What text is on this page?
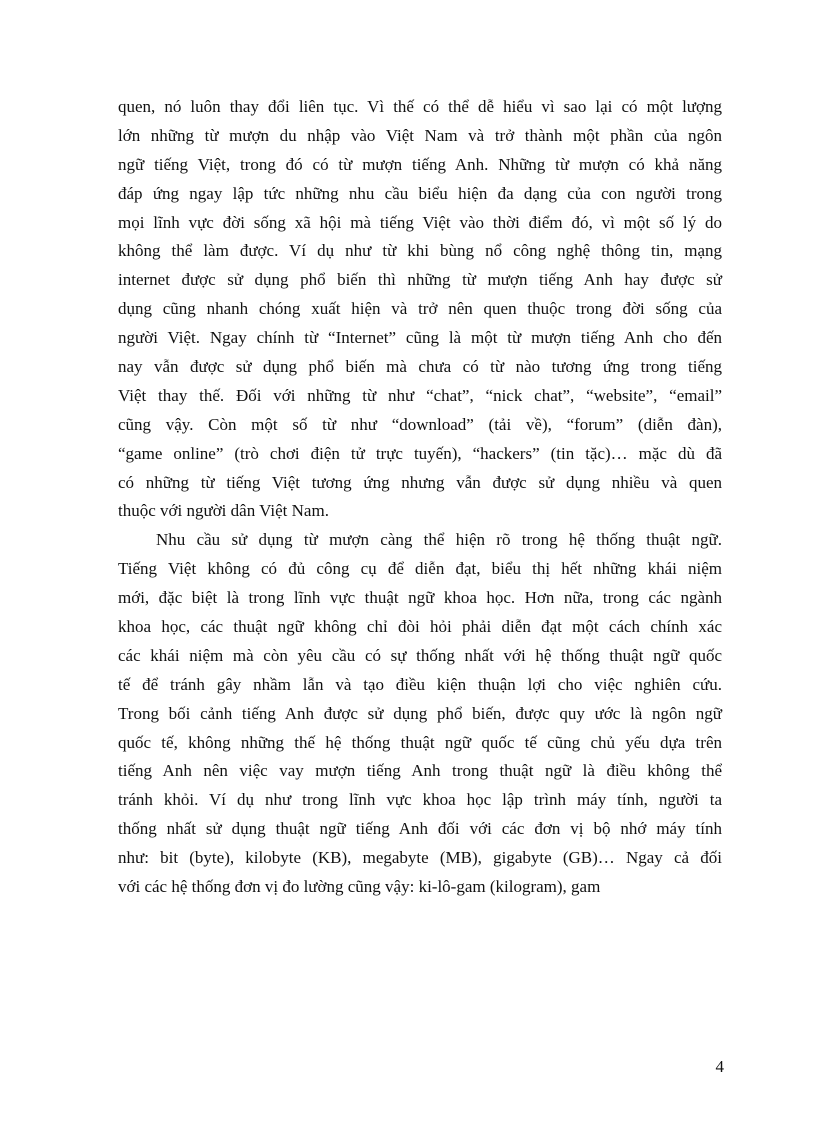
quen, nó luôn thay đổi liên tục. Vì thế có thể dễ hiểu vì sao lại có một lượng
lớn những từ mượn du nhập vào Việt Nam và trở thành một phần của ngôn
ngữ tiếng Việt, trong đó có từ mượn tiếng Anh. Những từ mượn có khả năng
đáp ứng ngay lập tức những nhu cầu biểu hiện đa dạng của con người trong
mọi lĩnh vực đời sống xã hội mà tiếng Việt vào thời điểm đó, vì một số lý do
không thể làm được. Ví dụ như từ khi bùng nổ công nghệ thông tin, mạng
internet được sử dụng phổ biến thì những từ mượn tiếng Anh hay được sử
dụng cũng nhanh chóng xuất hiện và trở nên quen thuộc trong đời sống của
người Việt. Ngay chính từ “Internet” cũng là một từ mượn tiếng Anh cho đến
nay vẫn được sử dụng phổ biến mà chưa có từ nào tương ứng trong tiếng
Việt thay thế. Đối với những từ như “chat”, “nick chat”, “website”, “email”
cũng vậy. Còn một số từ như “download” (tải về), “forum” (diễn đàn),
“game online” (trò chơi điện tử trực tuyến), “hackers” (tin tặc)… mặc dù đã
có những từ tiếng Việt tương ứng nhưng vẫn được sử dụng nhiều và quen
thuộc với người dân Việt Nam.
Nhu cầu sử dụng từ mượn càng thể hiện rõ trong hệ thống thuật ngữ.
Tiếng Việt không có đủ công cụ để diễn đạt, biểu thị hết những khái niệm
mới, đặc biệt là trong lĩnh vực thuật ngữ khoa học. Hơn nữa, trong các ngành
khoa học, các thuật ngữ không chỉ đòi hỏi phải diễn đạt một cách chính xác
các khái niệm mà còn yêu cầu có sự thống nhất với hệ thống thuật ngữ quốc
tế để tránh gây nhầm lẫn và tạo điều kiện thuận lợi cho việc nghiên cứu.
Trong bối cảnh tiếng Anh được sử dụng phổ biến, được quy ước là ngôn ngữ
quốc tế, không những thế hệ thống thuật ngữ quốc tế cũng chủ yếu dựa trên
tiếng Anh nên việc vay mượn tiếng Anh trong thuật ngữ là điều không thể
tránh khỏi. Ví dụ như trong lĩnh vực khoa học lập trình máy tính, người ta
thống nhất sử dụng thuật ngữ tiếng Anh đối với các đơn vị bộ nhớ máy tính
như: bit (byte), kilobyte (KB), megabyte (MB), gigabyte (GB)… Ngay cả đối
với các hệ thống đơn vị đo lường cũng vậy: ki-lô-gam (kilogram), gam
4
